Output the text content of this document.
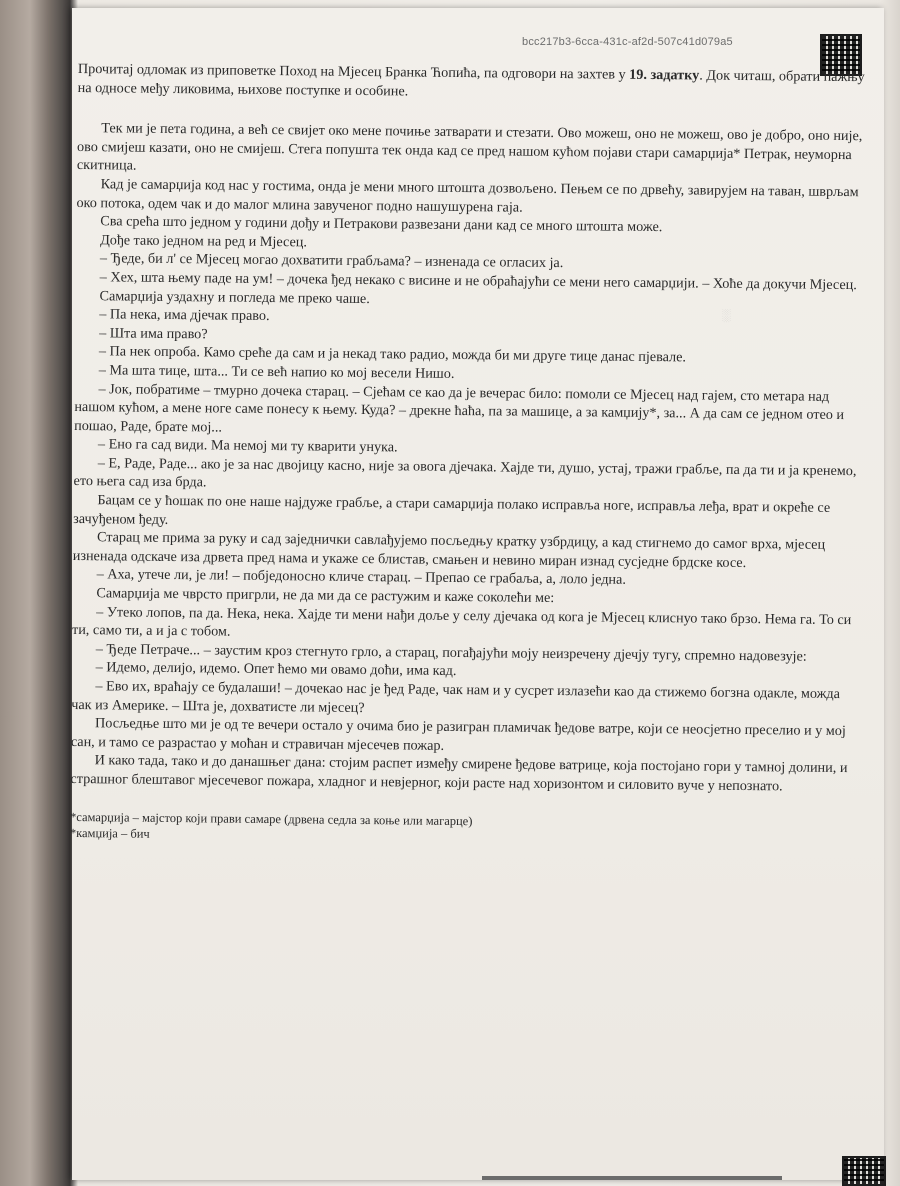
bcc217b3-6cca-431c-af2d-507c41d079a5
░

Прочитај одломак из приповетке Поход на Мјесец Бранка Ћопића, па одговори на захтев у 19. задатку. Док читаш, обрати пажњу на односе међу ликовима, њихове поступке и особине.

Тек ми је пета година, а већ се свијет око мене почиње затварати и стезати. Ово можеш, оно не можеш, ово је добро, оно није, ово смијеш казати, оно не смијеш. Стега попушта тек онда кад се пред нашом кућом појави стари самарџија* Петрак, неуморна скитница.

Кад је самарџија код нас у гостима, онда је мени много штошта дозвољено. Пењем се по дрвећу, завирујем на таван, шврљам око потока, одем чак и до малог млина завученог подно нашушурена гаја.

Сва срећа што једном у години дођу и Петракови развезани дани кад се много штошта може.

Дође тако једном на ред и Мјесец.

– Ђеде, би л' се Мјесец могао дохватити грабљама? – изненада се огласих ја.

– Хех, шта њему паде на ум! – дочека ђед некако с висине и не обраћајући се мени него самарџији. – Хоће да докучи Мјесец.

Самарџија уздахну и погледа ме преко чаше.

– Па нека, има дјечак право.

– Шта има право?

– Па нек опроба. Камо среће да сам и ја некад тако радио, можда би ми друге тице данас пјевале.

– Ма шта тице, шта... Ти се већ напио ко мој весели Нишо.

– Јок, побратиме – тмурно дочека старац. – Сјећам се као да је вечерас било: помоли се Мјесец над гајем, сто метара над нашом кућом, а мене ноге саме понесу к њему. Куда? – дрекне ћаћа, па за машице, а за камџију*, за... А да сам се једном отео и пошао, Раде, брате мој...

– Ено га сад види. Ма немој ми ту кварити унука.

– Е, Раде, Раде... ако је за нас двојицу касно, није за овога дјечака. Хајде ти, душо, устај, тражи грабље, па да ти и ја кренемо, ето њега сад иза брда.

Бацам се у ћошак по оне наше најдуже грабље, а стари самарџија полако исправља ноге, исправља леђа, врат и окреће се зачуђеном ђеду.

Старац ме прима за руку и сад заједнички савлађујемо посљедњу кратку узбрдицу, а кад стигнемо до самог врха, мјесец изненада одскаче иза дрвета пред нама и укаже се блистав, смањен и невино миран изнад сусједне брдске косе.

– Аха, утече ли, је ли! – побједоносно кличе старац. – Препао се грабаља, а, лоло једна.

Самарџија ме чврсто пригрли, не да ми да се растужим и каже соколећи ме:

– Утеко лопов, па да. Нека, нека. Хајде ти мени нађи доље у селу дјечака од кога је Мјесец клиснуо тако брзо. Нема га. То си ти, само ти, а и ја с тобом.

– Ђеде Петраче... – заустим кроз стегнуто грло, а старац, погађајући моју неизречену дјечју тугу, спремно надовезује:

– Идемо, делијо, идемо. Опет ћемо ми овамо доћи, има кад.

– Ево их, враћају се будалаши! – дочекао нас је ђед Раде, чак нам и у сусрет излазећи као да стижемо богзна одакле, можда чак из Америке. – Шта је, дохватисте ли мјесец?

Посљедње што ми је од те вечери остало у очима био је разигран пламичак ђедове ватре, који се неосјетно преселио и у мој сан, и тамо се разрастао у моћан и стравичан мјесечев пожар.

И како тада, тако и до данашњег дана: стојим распет између смирене ђедове ватрице, која постојано гори у тамној долини, и страшног блештавог мјесечевог пожара, хладног и невјерног, који расте над хоризонтом и силовито вуче у непознато.

*самарџија – мајстор који прави самаре (дрвена седла за коње или магарце)

*камџија – бич
